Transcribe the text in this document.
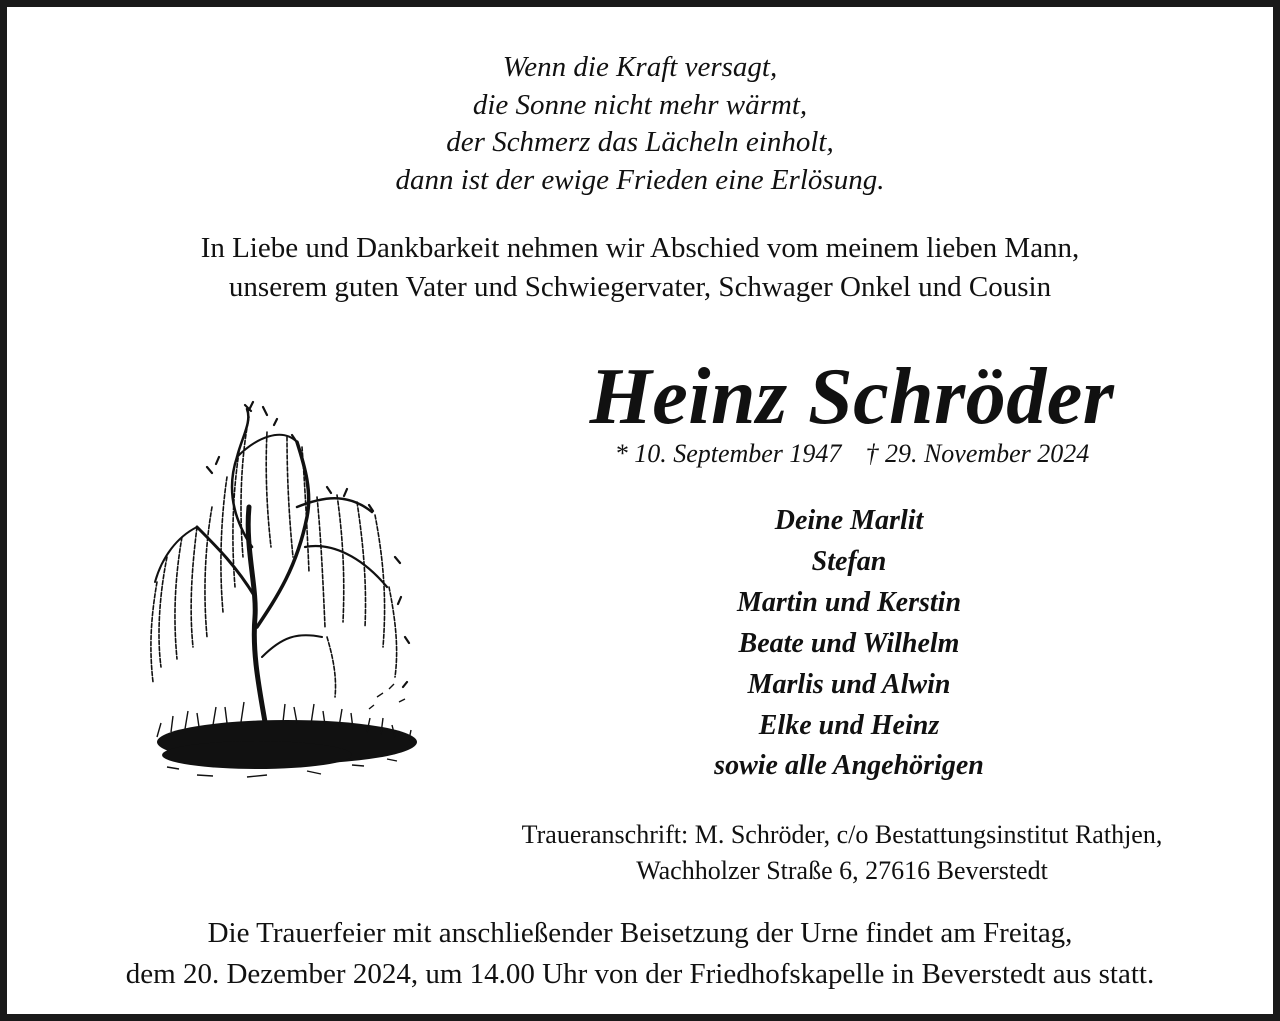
Wenn die Kraft versagt,
die Sonne nicht mehr wärmt,
der Schmerz das Lächeln einholt,
dann ist der ewige Frieden eine Erlösung.
In Liebe und Dankbarkeit nehmen wir Abschied vom meinem lieben Mann,
unserem guten Vater und Schwiegervater, Schwager Onkel und Cousin
Heinz Schröder
* 10. September 1947 † 29. November 2024
Deine Marlit
Stefan
Martin und Kerstin
Beate und Wilhelm
Marlis und Alwin
Elke und Heinz
sowie alle Angehörigen
Traueranschrift: M. Schröder, c/o Bestattungsinstitut Rathjen,
Wachholzer Straße 6, 27616 Beverstedt
Die Trauerfeier mit anschließender Beisetzung der Urne findet am Freitag,
dem 20. Dezember 2024, um 14.00 Uhr von der Friedhofskapelle in Beverstedt aus statt.
